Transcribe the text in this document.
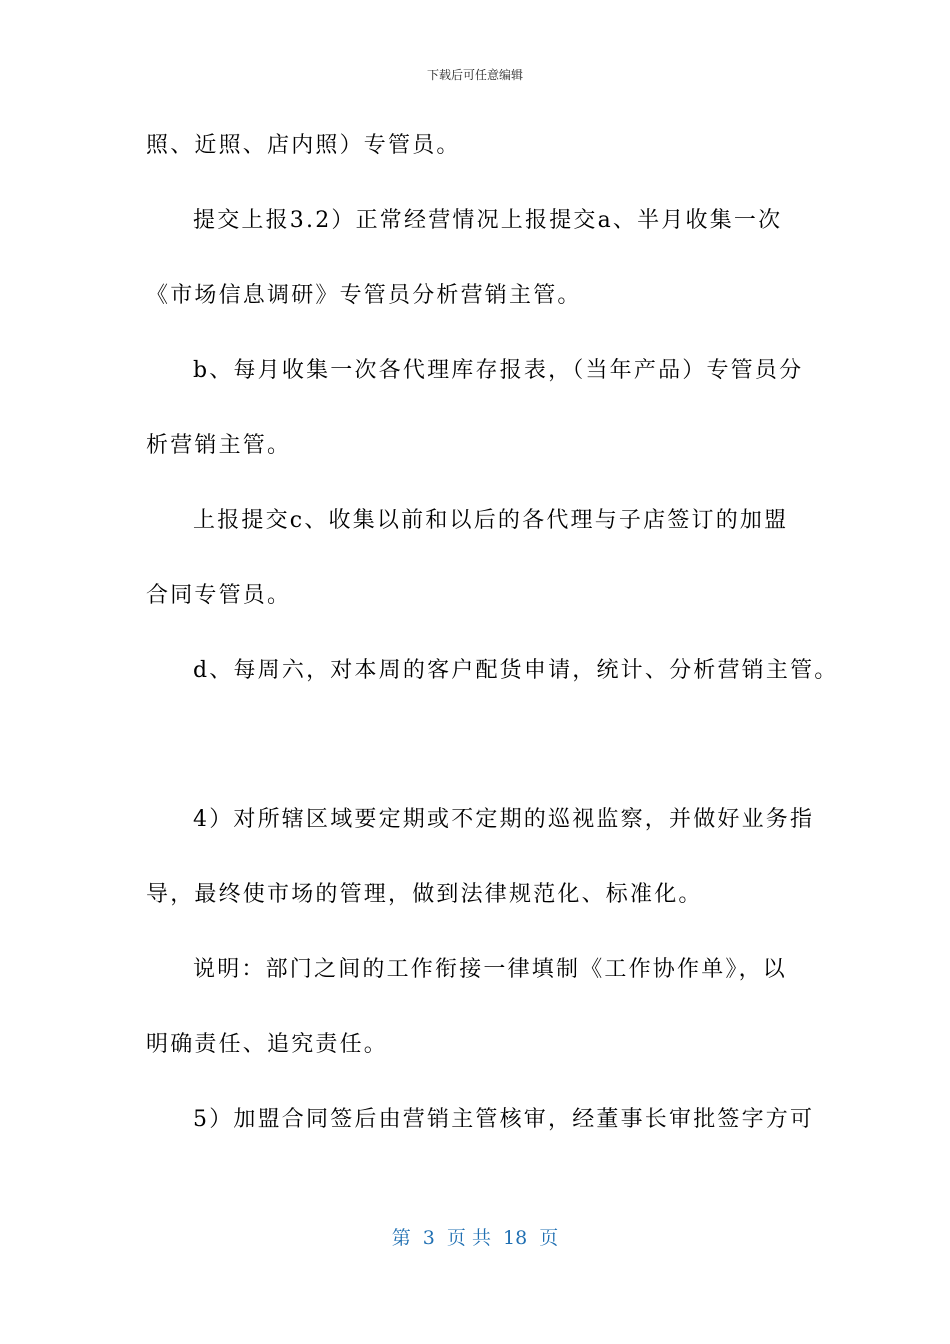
下载后可任意编辑
照、近照、店内照）专管员。
提交上报3.2）正常经营情况上报提交a、半月收集一次
《市场信息调研》专管员分析营销主管。
b、每月收集一次各代理库存报表，（当年产品）专管员分
析营销主管。
上报提交c、收集以前和以后的各代理与子店签订的加盟
合同专管员。
d、每周六，对本周的客户配货申请，统计、分析营销主管。
4）对所辖区域要定期或不定期的巡视监察，并做好业务指
导，最终使市场的管理，做到法律规范化、标准化。
说明：部门之间的工作衔接一律填制《工作协作单》，以
明确责任、追究责任。
5）加盟合同签后由营销主管核审，经董事长审批签字方可
第  3  页 共  18  页
